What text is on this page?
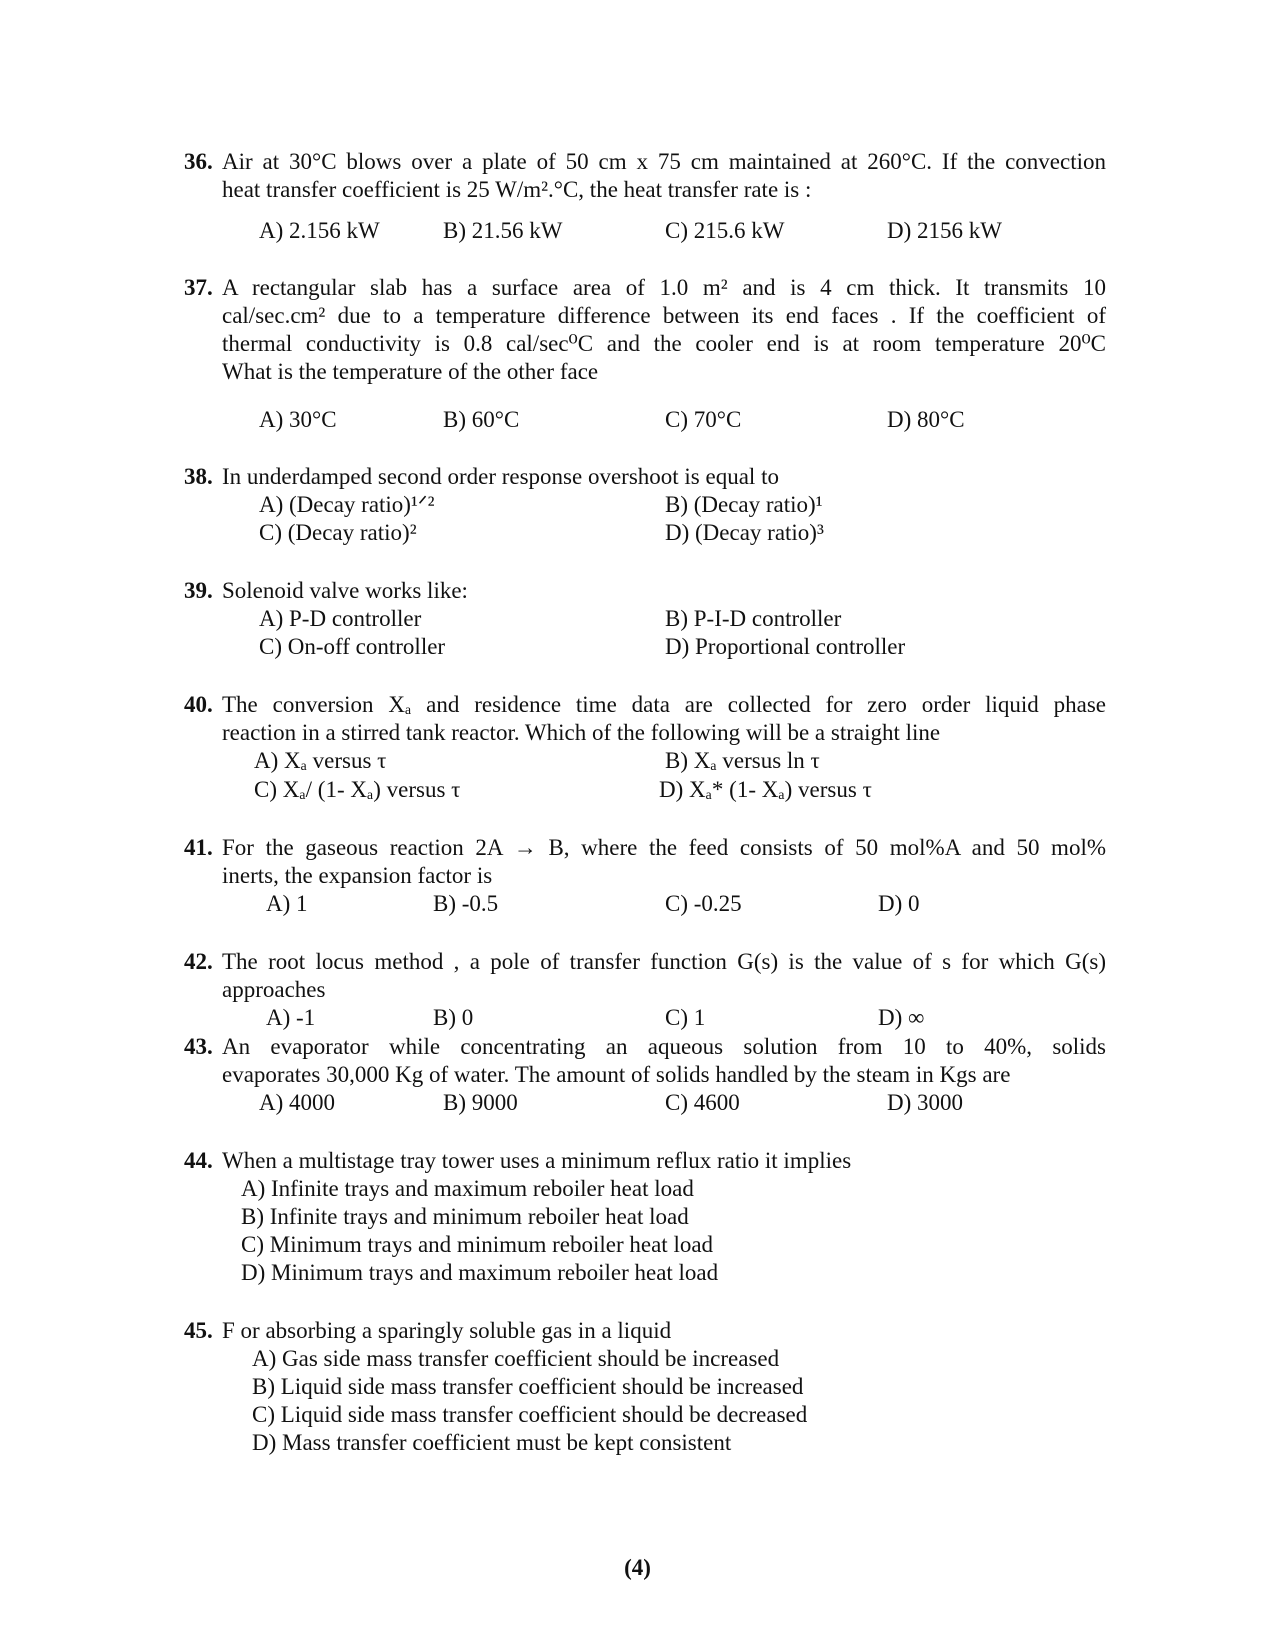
36. Air at 30°C blows over a plate of 50 cm x 75 cm maintained at 260°C. If the convection
heat transfer coefficient is 25 W/m².°C, the heat transfer rate is :
A) 2.156 kW	B) 21.56 kW	C) 215.6 kW	D) 2156 kW
37. A rectangular slab has a surface area of 1.0 m² and is 4 cm thick. It transmits 10
cal/sec.cm² due to a temperature difference between its end faces . If the coefficient of
thermal conductivity is 0.8 cal/sec⁰C and the cooler end is at room temperature 20⁰C
What is the temperature of the other face
A) 30°C	B) 60°C	C) 70°C	D) 80°C
38. In underdamped second order response overshoot is equal to
A) (Decay ratio)¹ᐟ²	B) (Decay ratio)¹
C) (Decay ratio)²	D) (Decay ratio)³
39. Solenoid valve works like:
A) P-D controller	B) P-I-D controller
C) On-off controller	D) Proportional controller
40. The conversion Xₐ and residence time data are collected for zero order liquid phase
reaction in a stirred tank reactor. Which of the following will be a straight line
A) Xₐ versus τ	B) Xₐ versus ln τ
C) Xₐ/ (1- Xₐ) versus τ	D) Xₐ* (1- Xₐ) versus τ
41. For the gaseous reaction 2A → B, where the feed consists of 50 mol%A and 50 mol%
inerts, the expansion factor is
A) 1	B) -0.5	C) -0.25	D) 0
42. The root locus method , a pole of transfer function G(s) is the value of s for which G(s)
approaches
A) -1	B) 0	C) 1	D) ∞
43. An evaporator while concentrating an aqueous solution from 10 to 40%, solids
evaporates 30,000 Kg of water. The amount of solids handled by the steam in Kgs are
A) 4000	B) 9000	C) 4600	D) 3000
44. When a multistage tray tower uses a minimum reflux ratio it implies
A) Infinite trays and maximum reboiler heat load
B) Infinite trays and minimum reboiler heat load
C) Minimum trays and minimum reboiler heat load
D) Minimum trays and maximum reboiler heat load
45. F or absorbing a sparingly soluble gas in a liquid
A) Gas side mass transfer coefficient should be increased
B) Liquid side mass transfer coefficient should be increased
C) Liquid side mass transfer coefficient should be decreased
D) Mass transfer coefficient must be kept consistent
(4)
